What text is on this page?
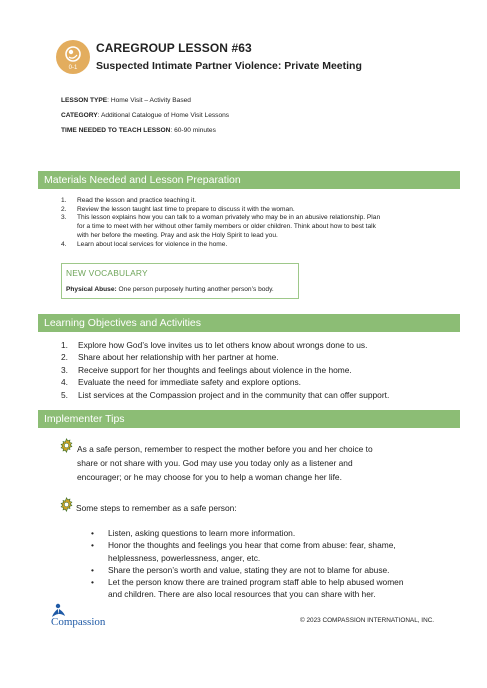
0-1
CAREGROUP LESSON #63
Suspected Intimate Partner Violence: Private Meeting
LESSON TYPE: Home Visit – Activity Based
CATEGORY: Additional Catalogue of Home Visit Lessons
TIME NEEDED TO TEACH LESSON: 60-90 minutes
Materials Needed and Lesson Preparation
1. Read the lesson and practice teaching it.
2. Review the lesson taught last time to prepare to discuss it with the woman.
3. This lesson explains how you can talk to a woman privately who may be in an abusive relationship. Plan
for a time to meet with her without other family members or older children. Think about how to best talk
with her before the meeting. Pray and ask the Holy Spirit to lead you.
4. Learn about local services for violence in the home.
NEW VOCABULARY
Physical Abuse: One person purposely hurting another person’s body.
Learning Objectives and Activities
1. Explore how God’s love invites us to let others know about wrongs done to us.
2. Share about her relationship with her partner at home.
3. Receive support for her thoughts and feelings about violence in the home.
4. Evaluate the need for immediate safety and explore options.
5. List services at the Compassion project and in the community that can offer support.
Implementer Tips
As a safe person, remember to respect the mother before you and her choice to
share or not share with you. God may use you today only as a listener and
encourager; or he may choose for you to help a woman change her life.
Some steps to remember as a safe person:
• Listen, asking questions to learn more information.
• Honor the thoughts and feelings you hear that come from abuse: fear, shame,
helplessness, powerlessness, anger, etc.
• Share the person’s worth and value, stating they are not to blame for abuse.
• Let the person know there are trained program staff able to help abused women
and children. There are also local resources that you can share with her.
Compassion	© 2023 COMPASSION INTERNATIONAL, INC.
